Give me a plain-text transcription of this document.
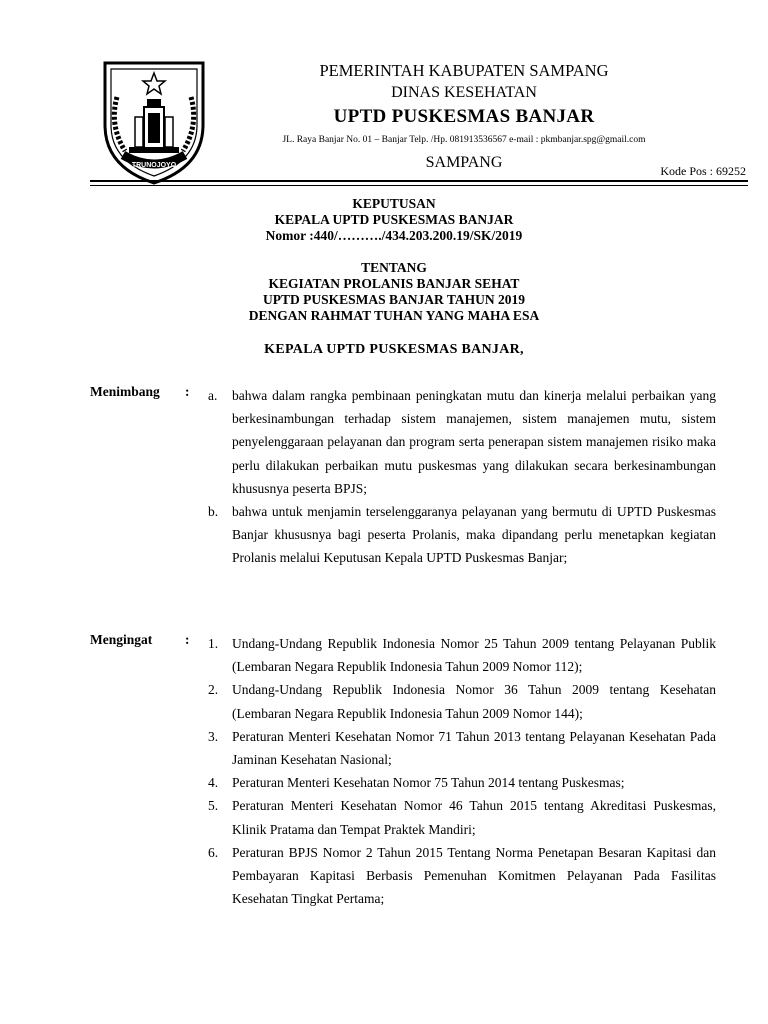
TRUNOJOYO
PEMERINTAH KABUPATEN SAMPANG
DINAS KESEHATAN
UPTD PUSKESMAS BANJAR
JL. Raya Banjar No. 01 – Banjar Telp. /Hp. 081913536567 e-mail : pkmbanjar.spg@gmail.com
SAMPANG	Kode Pos : 69252
KEPUTUSAN
KEPALA UPTD PUSKESMAS BANJAR
Nomor :440/………./434.203.200.19/SK/2019
TENTANG
KEGIATAN PROLANIS BANJAR SEHAT
UPTD PUSKESMAS BANJAR TAHUN 2019
DENGAN RAHMAT TUHAN YANG MAHA ESA
KEPALA UPTD PUSKESMAS BANJAR,
Menimbang : a. bahwa dalam rangka pembinaan peningkatan mutu dan kinerja melalui perbaikan yang berkesinambungan terhadap sistem manajemen, sistem manajemen mutu, sistem penyelenggaraan pelayanan dan program serta penerapan sistem manajemen risiko maka perlu dilakukan perbaikan mutu puskesmas yang dilakukan secara berkesinambungan khususnya peserta BPJS;
b. bahwa untuk menjamin terselenggaranya pelayanan yang bermutu di UPTD Puskesmas Banjar khususnya bagi peserta Prolanis, maka dipandang perlu menetapkan kegiatan Prolanis melalui Keputusan Kepala UPTD Puskesmas Banjar;
Mengingat : 1. Undang-Undang Republik Indonesia Nomor 25 Tahun 2009 tentang Pelayanan Publik (Lembaran Negara Republik Indonesia Tahun 2009 Nomor 112);
2. Undang-Undang Republik Indonesia Nomor 36 Tahun 2009 tentang Kesehatan (Lembaran Negara Republik Indonesia Tahun 2009 Nomor 144);
3. Peraturan Menteri Kesehatan Nomor 71 Tahun 2013 tentang Pelayanan Kesehatan Pada Jaminan Kesehatan Nasional;
4. Peraturan Menteri Kesehatan Nomor 75 Tahun 2014 tentang Puskesmas;
5. Peraturan Menteri Kesehatan Nomor 46 Tahun 2015 tentang Akreditasi Puskesmas, Klinik Pratama dan Tempat Praktek Mandiri;
6. Peraturan BPJS Nomor 2 Tahun 2015 Tentang Norma Penetapan Besaran Kapitasi dan Pembayaran Kapitasi Berbasis Pemenuhan Komitmen Pelayanan Pada Fasilitas Kesehatan Tingkat Pertama;
